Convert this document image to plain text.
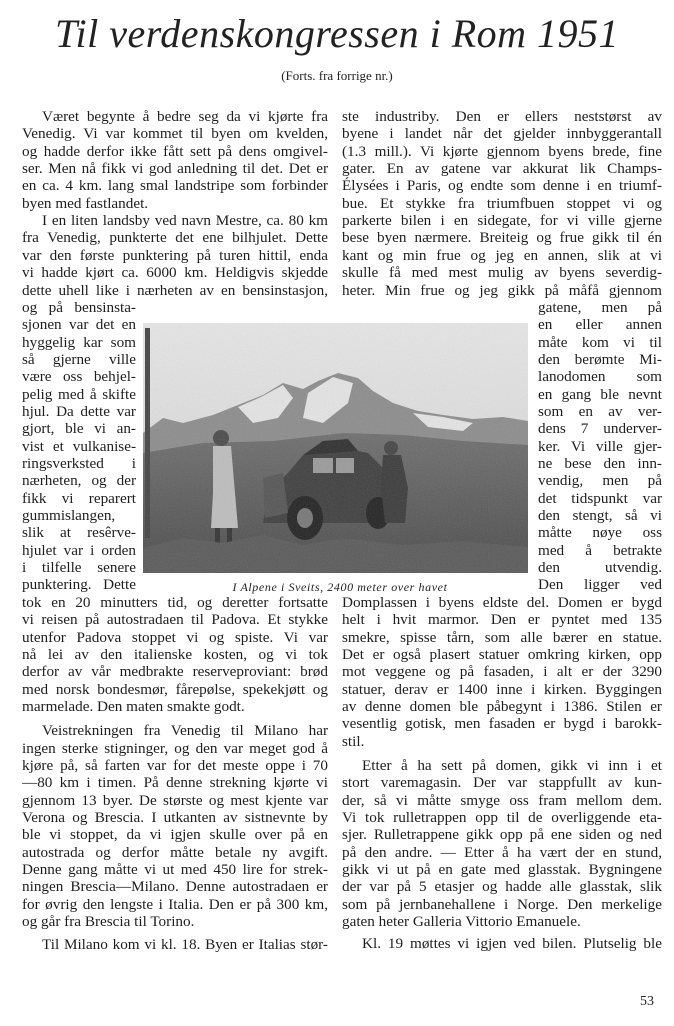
Til verdenskongressen i Rom 1951
(Forts. fra forrige nr.)
Været begynte å bedre seg da vi kjørte fra
Venedig. Vi var kommet til byen om kvelden,
og hadde derfor ikke fått sett på dens omgivel-
ser. Men nå fikk vi god anledning til det. Det er
en ca. 4 km. lang smal landstripe som forbinder
byen med fastlandet.
I en liten landsby ved navn Mestre, ca. 80 km
fra Venedig, punkterte det ene bilhjulet. Dette
var den første punktering på turen hittil, enda
vi hadde kjørt ca. 6000 km. Heldigvis skjedde
dette uhell like i nærheten av en bensinstasjon,
og på bensinsta-
sjonen var det en
hyggelig kar som
så gjerne ville
være oss behjel-
pelig med å skifte
hjul. Da dette var
gjort, ble vi an-
vist et vulkanise-
ringsverksted i
nærheten, og der
fikk vi reparert
gummislangen,
slik at resêrve-
hjulet var i orden
i tilfelle senere
punktering. Dette
tok en 20 minutters tid, og deretter fortsatte
vi reisen på autostradaen til Padova. Et stykke
utenfor Padova stoppet vi og spiste. Vi var
nå lei av den italienske kosten, og vi tok
derfor av vår medbrakte reserveproviant: brød
med norsk bondesmør, fårepølse, spekekjøtt og
marmelade. Den maten smakte godt.
Veistrekningen fra Venedig til Milano har
ingen sterke stigninger, og den var meget god å
kjøre på, så farten var for det meste oppe i 70
—80 km i timen. På denne strekning kjørte vi
gjennom 13 byer. De største og mest kjente var
Verona og Brescia. I utkanten av sistnevnte by
ble vi stoppet, da vi igjen skulle over på en
autostrada og derfor måtte betale ny avgift.
Denne gang måtte vi ut med 450 lire for strek-
ningen Brescia—Milano. Denne autostradaen er
for øvrig den lengste i Italia. Den er på 300 km,
og går fra Brescia til Torino.
Til Milano kom vi kl. 18. Byen er Italias stør-
ste industriby. Den er ellers neststørst av
byene i landet når det gjelder innbyggerantall
(1.3 mill.). Vi kjørte gjennom byens brede, fine
gater. En av gatene var akkurat lik Champs-
Élysées i Paris, og endte som denne i en triumf-
bue. Et stykke fra triumfbuen stoppet vi og
parkerte bilen i en sidegate, for vi ville gjerne
bese byen nærmere. Breiteig og frue gikk til én
kant og min frue og jeg en annen, slik at vi
skulle få med mest mulig av byens severdig-
heter. Min frue og jeg gikk på måfå gjennom
gatene, men på
en eller annen
måte kom vi til
den berømte Mi-
lanodomen som
en gang ble nevnt
som en av ver-
dens 7 underver-
ker. Vi ville gjer-
ne bese den inn-
vendig, men på
det tidspunkt var
den stengt, så vi
måtte nøye oss
med å betrakte
den utvendig.
Den ligger ved
Domplassen i byens eldste del. Domen er bygd
helt i hvit marmor. Den er pyntet med 135
smekre, spisse tårn, som alle bærer en statue.
Det er også plasert statuer omkring kirken, opp
mot veggene og på fasaden, i alt er der 3290
statuer, derav er 1400 inne i kirken. Byggingen
av denne domen ble påbegynt i 1386. Stilen er
vesentlig gotisk, men fasaden er bygd i barokk-
stil.
Etter å ha sett på domen, gikk vi inn i et
stort varemagasin. Der var stappfullt av kun-
der, så vi måtte smyge oss fram mellom dem.
Vi tok rulletrappen opp til de overliggende eta-
sjer. Rulletrappene gikk opp på ene siden og ned
på den andre. — Etter å ha vært der en stund,
gikk vi ut på en gate med glasstak. Bygningene
der var på 5 etasjer og hadde alle glasstak, slik
som på jernbanehallene i Norge. Den merkelige
gaten heter Galleria Vittorio Emanuele.
Kl. 19 møttes vi igjen ved bilen. Plutselig ble
I Alpene i Sveits, 2400 meter over havet
53
